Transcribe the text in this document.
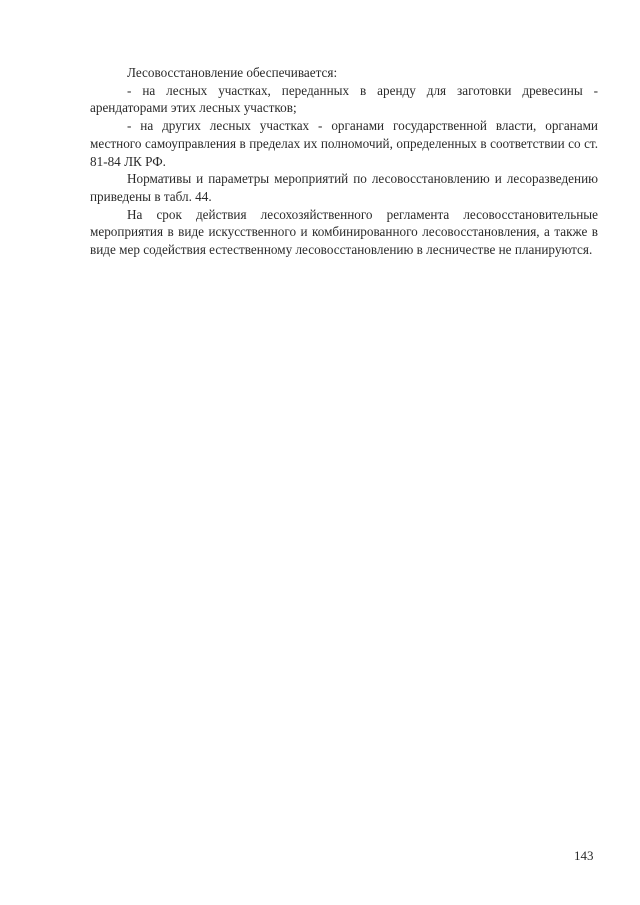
Лесовосстановление обеспечивается:

- на лесных участках, переданных в аренду для заготовки древесины - арендаторами этих лесных участков;

- на других лесных участках - органами государственной власти, органами местного самоуправления в пределах их полномочий, определенных в соответствии со ст. 81-84 ЛК РФ.

Нормативы и параметры мероприятий по лесовосстановлению и лесоразведению приведены в табл. 44.

На срок действия лесохозяйственного регламента лесовосстановительные мероприятия в виде искусственного и комбинированного лесовосстановления, а также в виде мер содействия естественному лесовосстановлению в лесничестве не планируются.

143
